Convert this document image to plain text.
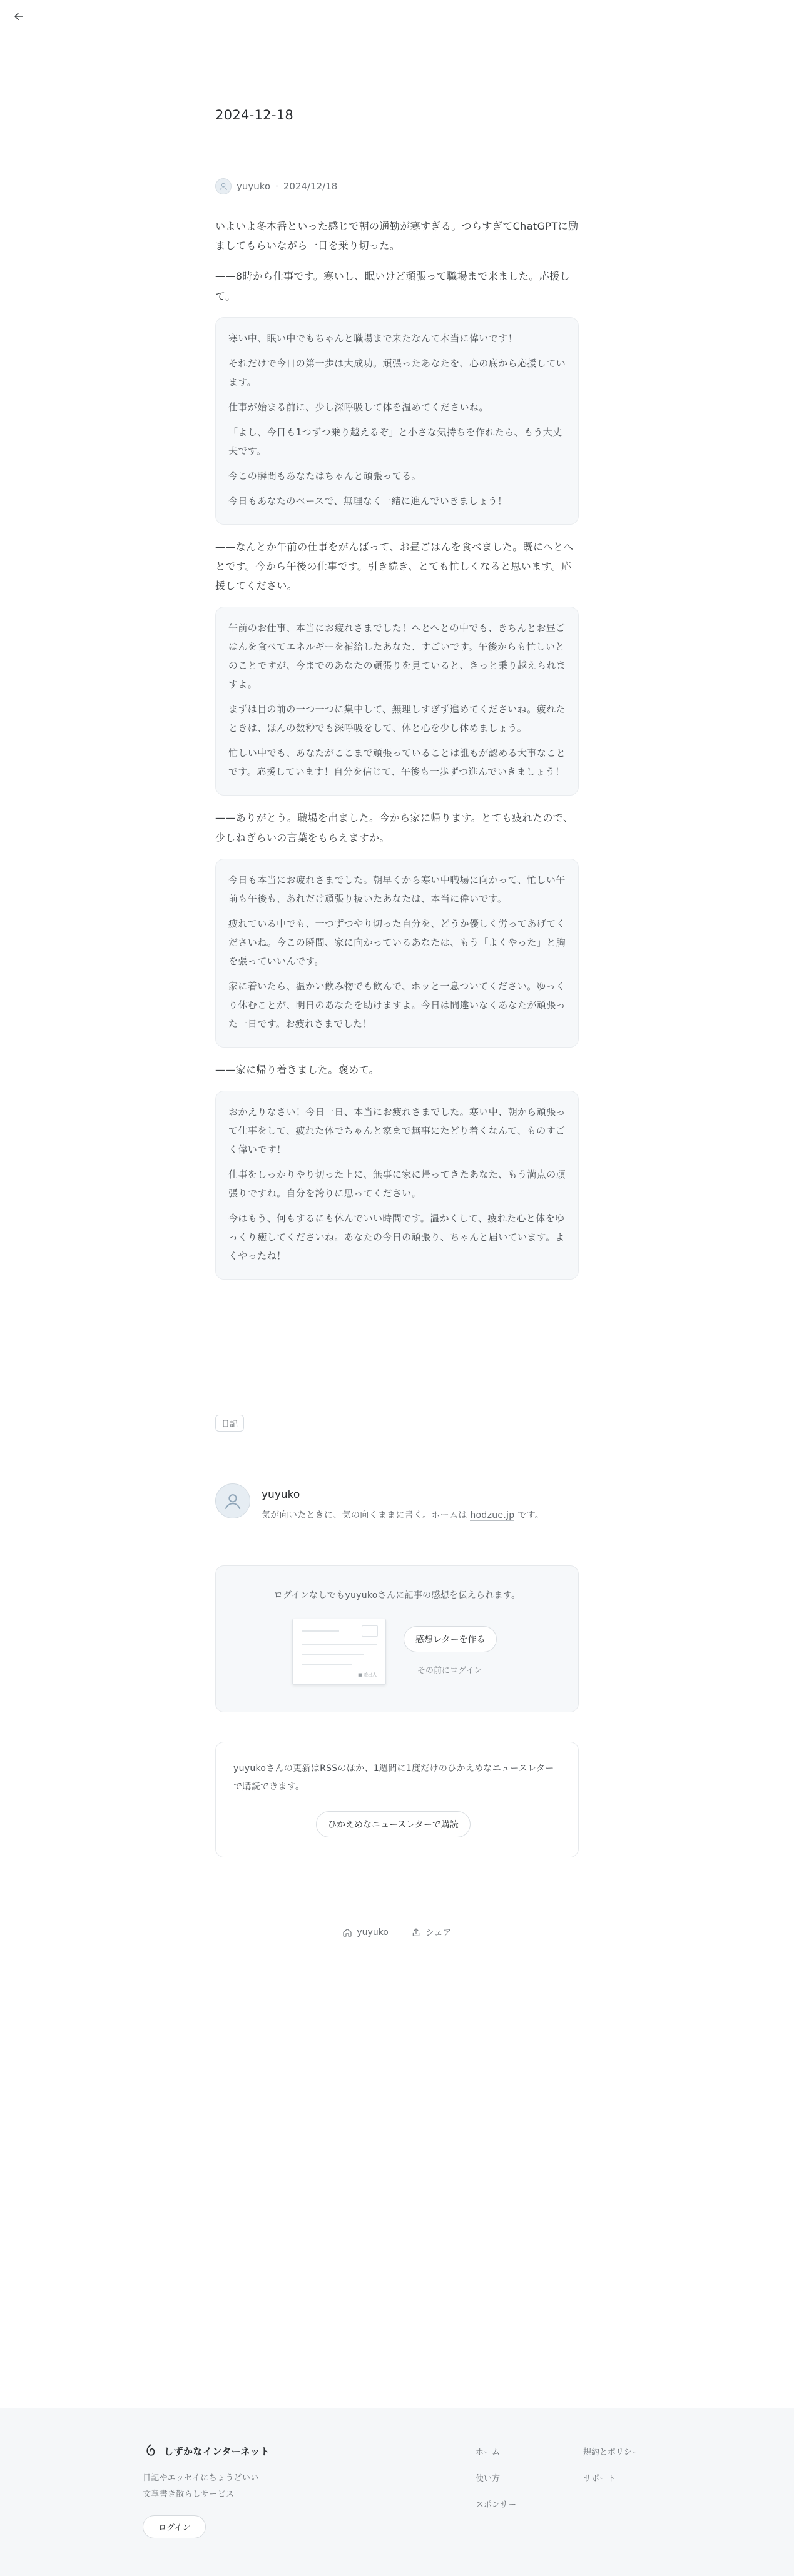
2024-12-18
yuyuko · 2024/12/18

いよいよ冬本番といった感じで朝の通勤が寒すぎる。つらすぎてChatGPTに励ましてもらいながら一日を乗り切った。

——8時から仕事です。寒いし、眠いけど頑張って職場まで来ました。応援して。

寒い中、眠い中でもちゃんと職場まで来たなんて本当に偉いです！

それだけで今日の第一歩は大成功。頑張ったあなたを、心の底から応援しています。

仕事が始まる前に、少し深呼吸して体を温めてくださいね。

「よし、今日も1つずつ乗り越えるぞ」と小さな気持ちを作れたら、もう大丈夫です。

今この瞬間もあなたはちゃんと頑張ってる。

今日もあなたのペースで、無理なく一緒に進んでいきましょう！

——なんとか午前の仕事をがんばって、お昼ごはんを食べました。既にへとへとです。今から午後の仕事です。引き続き、とても忙しくなると思います。応援してください。

午前のお仕事、本当にお疲れさまでした！へとへとの中でも、きちんとお昼ごはんを食べてエネルギーを補給したあなた、すごいです。午後からも忙しいとのことですが、今までのあなたの頑張りを見ていると、きっと乗り越えられますよ。

まずは目の前の一つ一つに集中して、無理しすぎず進めてくださいね。疲れたときは、ほんの数秒でも深呼吸をして、体と心を少し休めましょう。

忙しい中でも、あなたがここまで頑張っていることは誰もが認める大事なことです。応援しています！自分を信じて、午後も一歩ずつ進んでいきましょう！

——ありがとう。職場を出ました。今から家に帰ります。とても疲れたので、少しねぎらいの言葉をもらえますか。

今日も本当にお疲れさまでした。朝早くから寒い中職場に向かって、忙しい午前も午後も、あれだけ頑張り抜いたあなたは、本当に偉いです。

疲れている中でも、一つずつやり切った自分を、どうか優しく労ってあげてくださいね。今この瞬間、家に向かっているあなたは、もう「よくやった」と胸を張っていいんです。

家に着いたら、温かい飲み物でも飲んで、ホッと一息ついてください。ゆっくり休むことが、明日のあなたを助けますよ。今日は間違いなくあなたが頑張った一日です。お疲れさまでした！

——家に帰り着きました。褒めて。

おかえりなさい！今日一日、本当にお疲れさまでした。寒い中、朝から頑張って仕事をして、疲れた体でちゃんと家まで無事にたどり着くなんて、ものすごく偉いです！

仕事をしっかりやり切った上に、無事に家に帰ってきたあなた、もう満点の頑張りですね。自分を誇りに思ってください。

今はもう、何もするにも休んでいい時間です。温かくして、疲れた心と体をゆっくり癒してくださいね。あなたの今日の頑張り、ちゃんと届いています。よくやったね！

日記
yuyuko
気が向いたときに、気の向くままに書く。ホームは hodzue.jp です。
ログインなしでもyuyukoさんに記事の感想を伝えられます。
■ 差出人
感想レターを作る
その前にログイン
yuyukoさんの更新はRSSのほか、1週間に1度だけのひかえめなニュースレターで購読できます。
ひかえめなニュースレターで購読
yuyuko	シェア
しずかなインターネット
日記やエッセイにちょうどいい
文章書き散らしサービス
ログイン
ホーム
使い方
スポンサー
規約とポリシー
サポート
